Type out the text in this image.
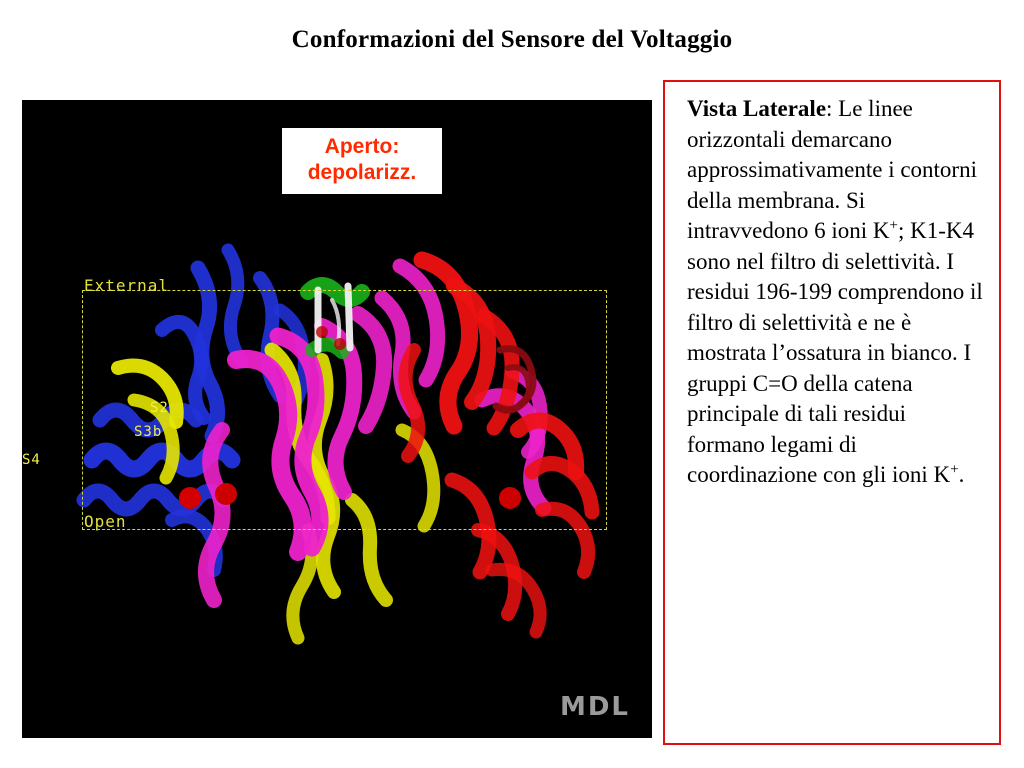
Conformazioni del Sensore del Voltaggio
External
Open
S4
S2
S3b
MDL
Aperto:
depolarizz.

Vista Laterale: Le linee orizzontali demarcano approssimativamente i contorni della membrana. Si intravvedono 6 ioni K+; K1-K4 sono nel filtro di selettività. I residui 196-199 comprendono il filtro di selettività e ne è mostrata l’ossatura in bianco. I gruppi C=O della catena principale di tali residui formano legami di coordinazione con gli ioni K+.
